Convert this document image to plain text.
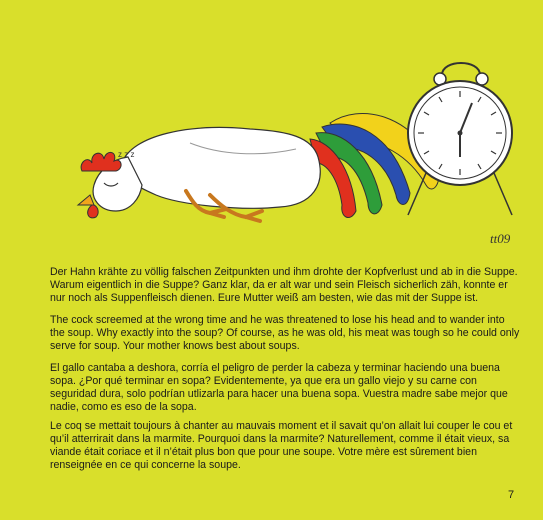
z z z
tt09

Der Hahn krähte zu völlig falschen Zeitpunkten und ihm drohte der Kopfverlust und ab in die Suppe. Warum eigentlich in die Suppe? Ganz klar, da er alt war und sein Fleisch sicherlich zäh, konnte er nur noch als Suppenfleisch dienen. Eure Mutter weiß am besten, wie das mit der Suppe ist.

The cock screemed at the wrong time and he was threatened to lose his head and to wander into the soup. Why exactly into the soup? Of course, as he was old, his meat was tough so he could only serve for soup. Your mother knows best about soups.

El gallo cantaba a deshora, corría el peligro de perder la cabeza y terminar haciendo una buena sopa. ¿Por qué terminar en sopa? Evidentemente, ya que era un gallo viejo y su carne con seguridad dura, solo podrían utlizarla para hacer una buena sopa. Vuestra madre sabe mejor que nadie, como es eso de la sopa.

Le coq se mettait toujours à chanter au mauvais moment et il savait qu’on allait lui couper le cou et qu’il atterrirait dans la marmite. Pourquoi dans la marmite? Naturellement, comme il était vieux, sa viande était coriace et il n’était plus bon que pour une soupe. Votre mère est sûrement bien renseignée en ce qui concerne la soupe.

7
